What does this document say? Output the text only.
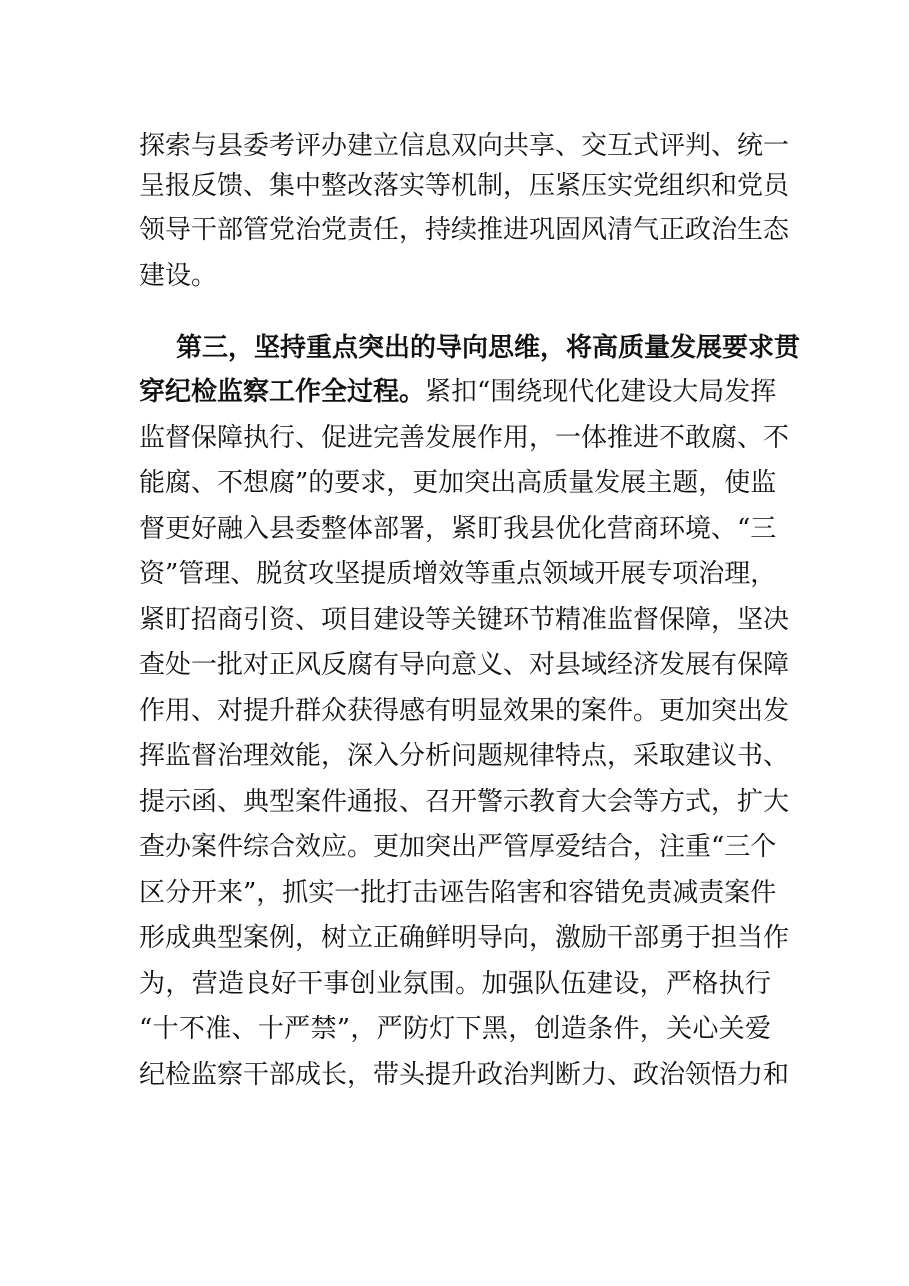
探索与县委考评办建立信息双向共享、交互式评判、统一
呈报反馈、集中整改落实等机制，压紧压实党组织和党员
领导干部管党治党责任，持续推进巩固风清气正政治生态
建设。
第三，坚持重点突出的导向思维，将高质量发展要求贯
穿纪检监察工作全过程。紧扣“围绕现代化建设大局发挥
监督保障执行、促进完善发展作用，一体推进不敢腐、不
能腐、不想腐”的要求，更加突出高质量发展主题，使监
督更好融入县委整体部署，紧盯我县优化营商环境、“三
资”管理、脱贫攻坚提质增效等重点领域开展专项治理，
紧盯招商引资、项目建设等关键环节精准监督保障，坚决
查处一批对正风反腐有导向意义、对县域经济发展有保障
作用、对提升群众获得感有明显效果的案件。更加突出发
挥监督治理效能，深入分析问题规律特点，采取建议书、
提示函、典型案件通报、召开警示教育大会等方式，扩大
查办案件综合效应。更加突出严管厚爱结合，注重“三个
区分开来”，抓实一批打击诬告陷害和容错免责减责案件
形成典型案例，树立正确鲜明导向，激励干部勇于担当作
为，营造良好干事创业氛围。加强队伍建设，严格执行
“十不准、十严禁”，严防灯下黑，创造条件，关心关爱
纪检监察干部成长，带头提升政治判断力、政治领悟力和
